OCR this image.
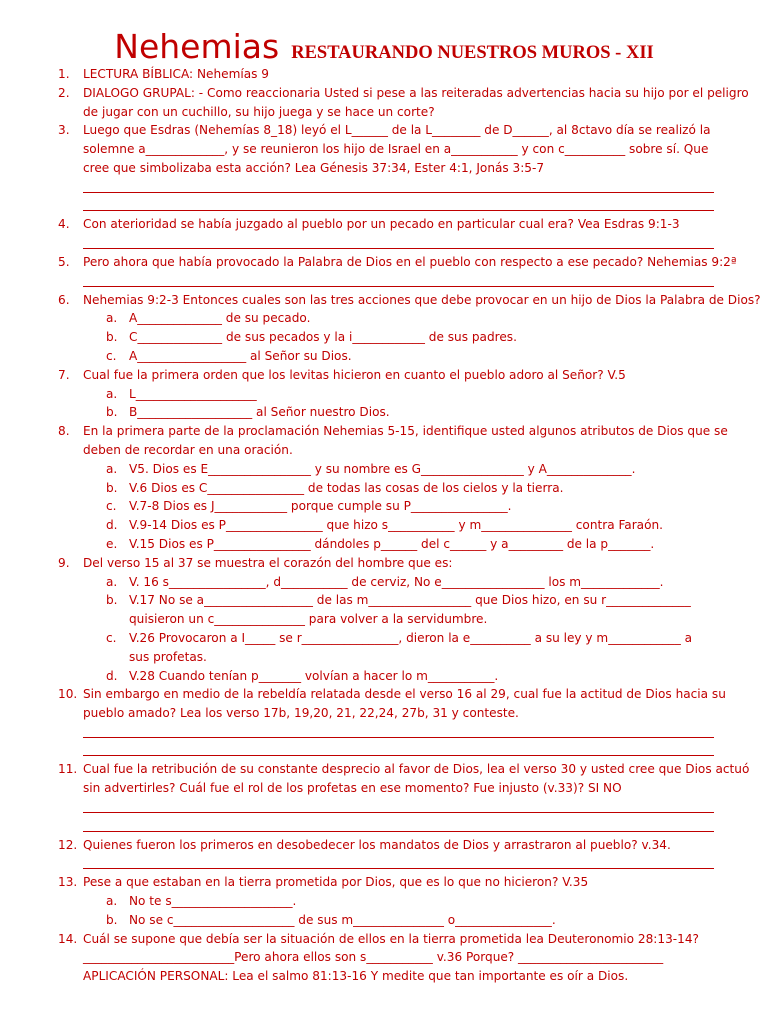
Nehemias RESTAURANDO NUESTROS MUROS - XII
1. LECTURA BÍBLICA: Nehemías 9
2. DIALOGO GRUPAL: - Como reaccionaria Usted si pese a las reiteradas advertencias hacia su hijo por el peligro
de jugar con un cuchillo, su hijo juega y se hace un corte?
3. Luego que Esdras (Nehemías 8_18) leyó el L______ de la L________ de D______, al 8ctavo día se realizó la
solemne a_____________, y se reunieron los hijo de Israel en a___________ y con c__________ sobre sí. Que
cree que simbolizaba esta acción? Lea Génesis 37:34, Ester 4:1, Jonás 3:5-7
4. Con aterioridad se había juzgado al pueblo por un pecado en particular cual era? Vea Esdras 9:1-3
5. Pero ahora que había provocado la Palabra de Dios en el pueblo con respecto a ese pecado? Nehemias 9:2ª
6. Nehemias 9:2-3 Entonces cuales son las tres acciones que debe provocar en un hijo de Dios la Palabra de Dios?
a. A______________ de su pecado.
b. C______________ de sus pecados y la i____________ de sus padres.
c. A__________________ al Señor su Dios.
7. Cual fue la primera orden que los levitas hicieron en cuanto el pueblo adoro al Señor? V.5
a. L____________________
b. B___________________ al Señor nuestro Dios.
8. En la primera parte de la proclamación Nehemias 5-15, identifique usted algunos atributos de Dios que se
deben de recordar en una oración.
a. V5. Dios es E_________________ y su nombre es G_________________ y A______________.
b. V.6 Dios es C________________ de todas las cosas de los cielos y la tierra.
c. V.7-8 Dios es J____________ porque cumple su P________________.
d. V.9-14 Dios es P________________ que hizo s___________ y m_______________ contra Faraón.
e. V.15 Dios es P________________ dándoles p______ del c______ y a_________ de la p_______.
9. Del verso 15 al 37 se muestra el corazón del hombre que es:
a. V. 16 s________________, d___________ de cerviz, No e_________________ los m_____________.
b. V.17 No se a__________________ de las m_________________ que Dios hizo, en su r______________
quisieron un c_______________ para volver a la servidumbre.
c. V.26 Provocaron a I_____ se r________________, dieron la e__________ a su ley y m____________ a
sus profetas.
d. V.28 Cuando tenían p_______ volvían a hacer lo m___________.
10. Sin embargo en medio de la rebeldía relatada desde el verso 16 al 29, cual fue la actitud de Dios hacia su
pueblo amado? Lea los verso 17b, 19,20, 21, 22,24, 27b, 31 y conteste.
11. Cual fue la retribución de su constante desprecio al favor de Dios, lea el verso 30 y usted cree que Dios actuó
sin advertirles? Cuál fue el rol de los profetas en ese momento? Fue injusto (v.33)? SI NO
12. Quienes fueron los primeros en desobedecer los mandatos de Dios y arrastraron al pueblo? v.34.
13. Pese a que estaban en la tierra prometida por Dios, que es lo que no hicieron? V.35
a. No te s____________________.
b. No se c____________________ de sus m_______________ o________________.
14. Cuál se supone que debía ser la situación de ellos en la tierra prometida lea Deuteronomio 28:13-14?
_________________________Pero ahora ellos son s___________ v.36 Porque? ________________________
APLICACIÓN PERSONAL: Lea el salmo 81:13-16 Y medite que tan importante es oír a Dios.
